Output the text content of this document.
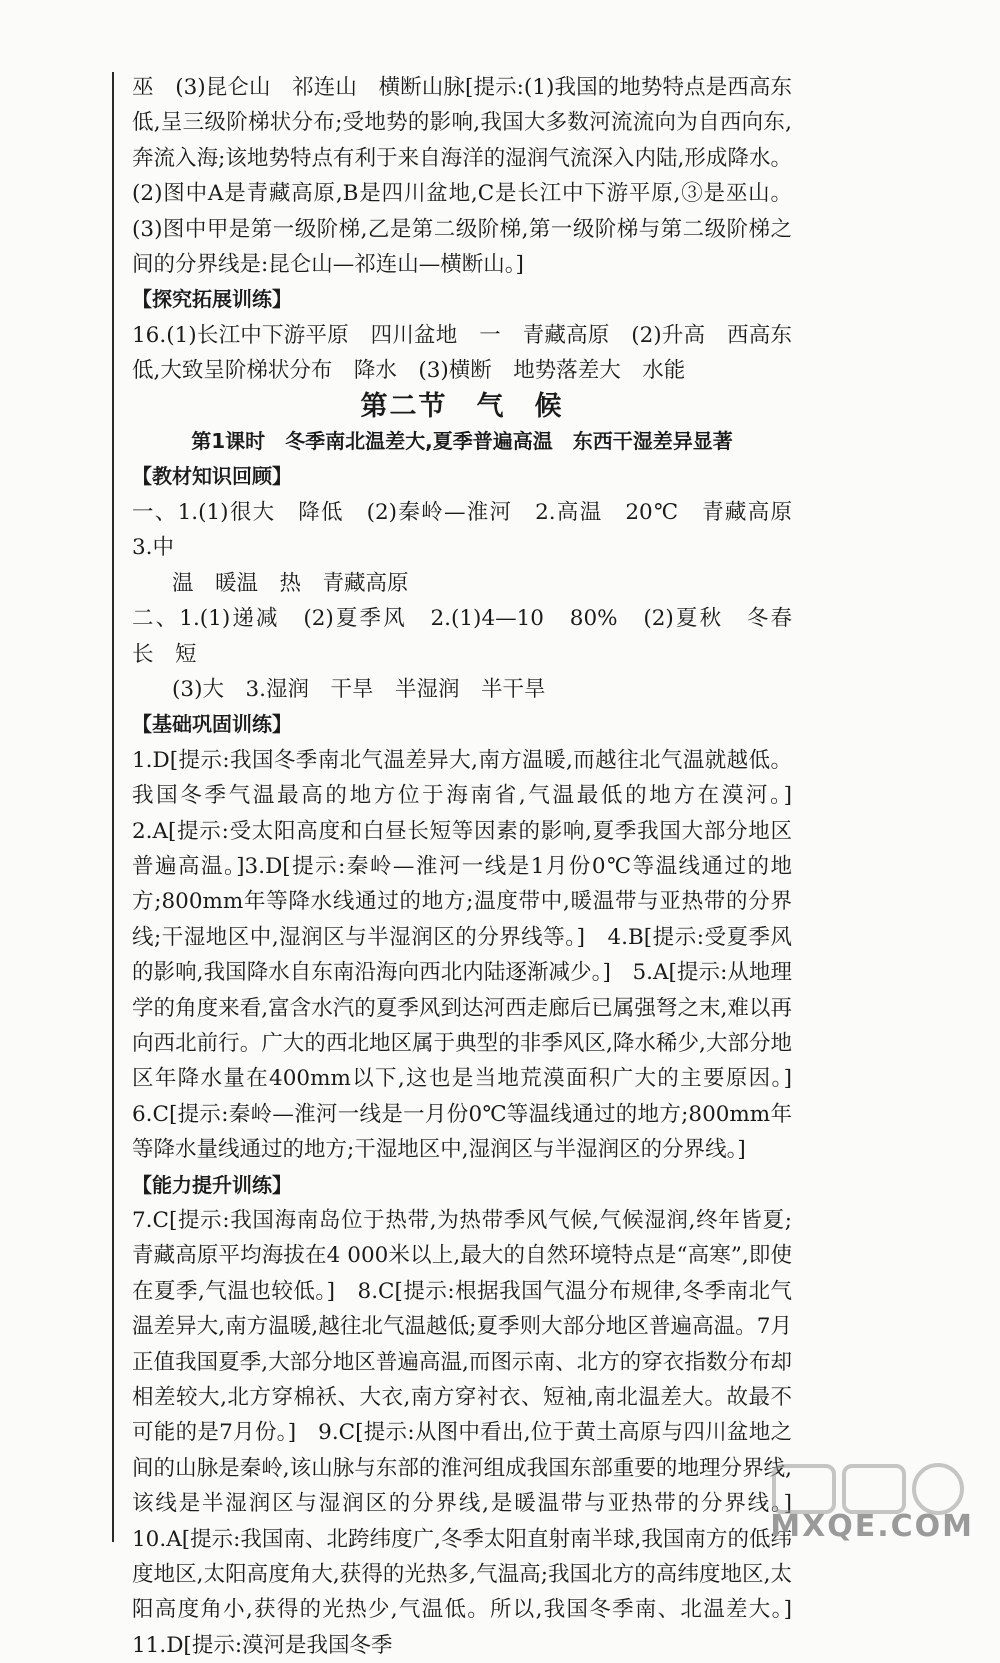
巫　(3)昆仑山　祁连山　横断山脉[提示:(1)我国的地势特点是西高东低,呈三级阶梯状分布;受地势的影响,我国大多数河流流向为自西向东,奔流入海;该地势特点有利于来自海洋的湿润气流深入内陆,形成降水。(2)图中A是青藏高原,B是四川盆地,C是长江中下游平原,③是巫山。(3)图中甲是第一级阶梯,乙是第二级阶梯,第一级阶梯与第二级阶梯之间的分界线是:昆仑山—祁连山—横断山。]

【探究拓展训练】

16.(1)长江中下游平原　四川盆地　一　青藏高原　(2)升高　西高东低,大致呈阶梯状分布　降水　(3)横断　地势落差大　水能

第二节　气　候

第1课时　冬季南北温差大,夏季普遍高温　东西干湿差异显著

【教材知识回顾】

一、1.(1)很大　降低　(2)秦岭—淮河　2.高温　20℃　青藏高原　3.中

温　暖温　热　青藏高原

二、1.(1)递减　(2)夏季风　2.(1)4—10　80%　(2)夏秋　冬春　长　短

(3)大　3.湿润　干旱　半湿润　半干旱

【基础巩固训练】

1.D[提示:我国冬季南北气温差异大,南方温暖,而越往北气温就越低。我国冬季气温最高的地方位于海南省,气温最低的地方在漠河。]　2.A[提示:受太阳高度和白昼长短等因素的影响,夏季我国大部分地区普遍高温。]3.D[提示:秦岭—淮河一线是1月份0℃等温线通过的地方;800mm年等降水线通过的地方;温度带中,暖温带与亚热带的分界线;干湿地区中,湿润区与半湿润区的分界线等。]　4.B[提示:受夏季风的影响,我国降水自东南沿海向西北内陆逐渐减少。]　5.A[提示:从地理学的角度来看,富含水汽的夏季风到达河西走廊后已属强弩之末,难以再向西北前行。广大的西北地区属于典型的非季风区,降水稀少,大部分地区年降水量在400mm以下,这也是当地荒漠面积广大的主要原因。]　6.C[提示:秦岭—淮河一线是一月份0℃等温线通过的地方;800mm年等降水量线通过的地方;干湿地区中,湿润区与半湿润区的分界线。]

【能力提升训练】

7.C[提示:我国海南岛位于热带,为热带季风气候,气候湿润,终年皆夏;青藏高原平均海拔在4 000米以上,最大的自然环境特点是“高寒”,即使在夏季,气温也较低。]　8.C[提示:根据我国气温分布规律,冬季南北气温差异大,南方温暖,越往北气温越低;夏季则大部分地区普遍高温。7月正值我国夏季,大部分地区普遍高温,而图示南、北方的穿衣指数分布却相差较大,北方穿棉袄、大衣,南方穿衬衣、短袖,南北温差大。故最不可能的是7月份。]　9.C[提示:从图中看出,位于黄土高原与四川盆地之间的山脉是秦岭,该山脉与东部的淮河组成我国东部重要的地理分界线,该线是半湿润区与湿润区的分界线,是暖温带与亚热带的分界线。]　10.A[提示:我国南、北跨纬度广,冬季太阳直射南半球,我国南方的低纬度地区,太阳高度角大,获得的光热多,气温高;我国北方的高纬度地区,太阳高度角小,获得的光热少,气温低。所以,我国冬季南、北温差大。]　11.D[提示:漠河是我国冬季

MXQE.COM
